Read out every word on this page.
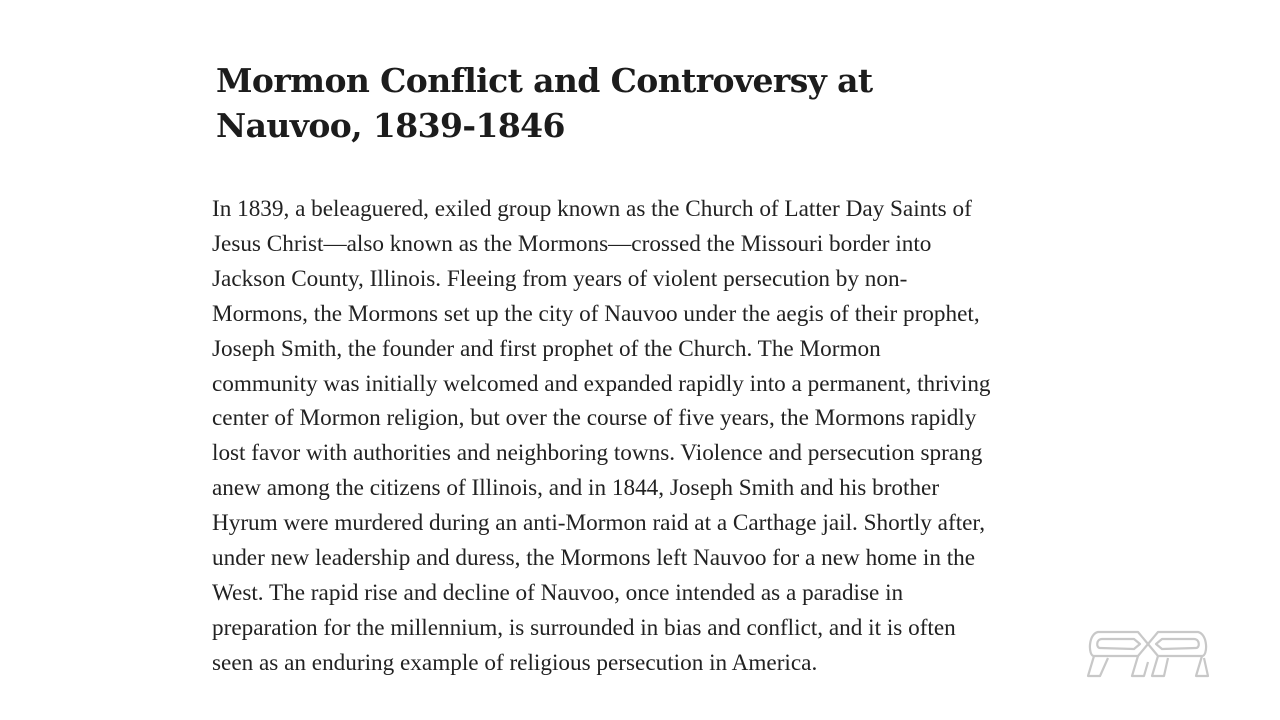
Mormon Conflict and Controversy at
Nauvoo, 1839-1846
In 1839, a beleaguered, exiled group known as the Church of Latter Day Saints of
Jesus Christ—also known as the Mormons—crossed the Missouri border into
Jackson County, Illinois. Fleeing from years of violent persecution by non-
Mormons, the Mormons set up the city of Nauvoo under the aegis of their prophet,
Joseph Smith, the founder and first prophet of the Church. The Mormon
community was initially welcomed and expanded rapidly into a permanent, thriving
center of Mormon religion, but over the course of five years, the Mormons rapidly
lost favor with authorities and neighboring towns. Violence and persecution sprang
anew among the citizens of Illinois, and in 1844, Joseph Smith and his brother
Hyrum were murdered during an anti-Mormon raid at a Carthage jail. Shortly after,
under new leadership and duress, the Mormons left Nauvoo for a new home in the
West. The rapid rise and decline of Nauvoo, once intended as a paradise in
preparation for the millennium, is surrounded in bias and conflict, and it is often
seen as an enduring example of religious persecution in America.
